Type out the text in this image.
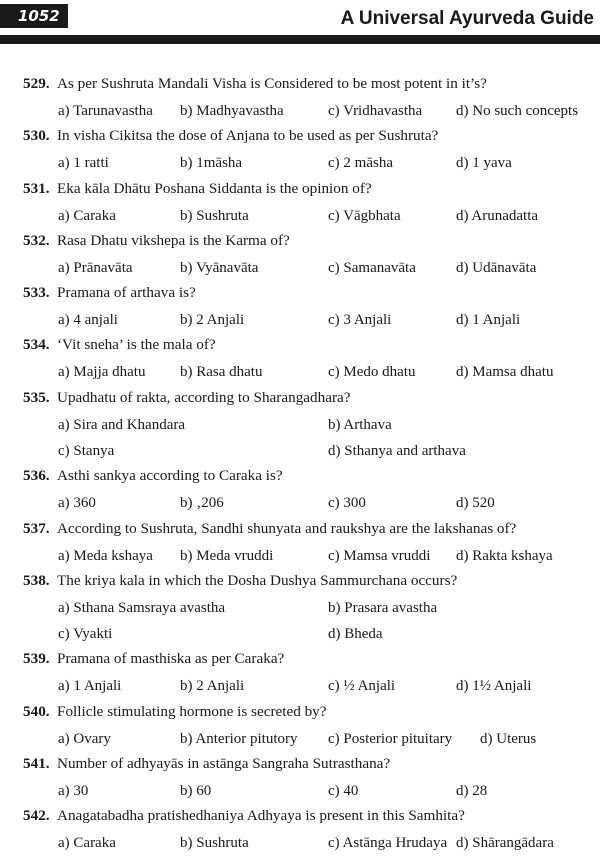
1052	A Universal Ayurveda Guide
529. As per Sushruta Mandali Visha is Considered to be most potent in it’s?
a) Tarunavastha b) Madhyavastha	c) Vridhavastha d) No such concepts
530. In visha Cikitsa the dose of Anjana to be used as per Sushruta?
a) 1 ratti	b) 1māsha	c) 2 māsha	d) 1 yava
531. Eka kāla Dhātu Poshana Siddanta is the opinion of?
a) Caraka	b) Sushruta	c) Vāgbhata	d) Arunadatta
532. Rasa Dhatu vikshepa is the Karma of?
a) Prānavāta	b) Vyānavāta	c) Samanavāta	d) Udānavāta
533. Pramana of arthava is?
a) 4 anjali	b) 2 Anjali	c) 3 Anjali	d) 1 Anjali
534. ‘Vit sneha’ is the mala of?
a) Majja dhatu b) Rasa dhatu	c) Medo dhatu	d) Mamsa dhatu
535. Upadhatu of rakta, according to Sharangadhara?
a) Sira and Khandara	b) Arthava
c) Stanya	d) Sthanya and arthava
536. Asthi sankya according to Caraka is?
a) 360	b) ‚206	c) 300	d) 520
537. According to Sushruta, Sandhi shunyata and raukshya are the lakshanas of?
a) Meda kshaya b) Meda vruddi	c) Mamsa vruddi d) Rakta kshaya
538. The kriya kala in which the Dosha Dushya Sammurchana occurs?
a) Sthana Samsraya avastha	b) Prasara avastha
c) Vyakti	d) Bheda
539. Pramana of masthiska as per Caraka?
a) 1 Anjali	b) 2 Anjali	c) ½ Anjali	d) 1½ Anjali
540. Follicle stimulating hormone is secreted by?
a) Ovary	b) Anterior pitutory c) Posterior pituitary d) Uterus
541. Number of adhyayās in astānga Sangraha Sutrasthana?
a) 30	b) 60	c) 40	d) 28
542. Anagatabadha pratishedhaniya Adhyaya is present in this Samhita?
a) Caraka	b) Sushruta	c) Astānga Hrudaya d) Shārangādara
